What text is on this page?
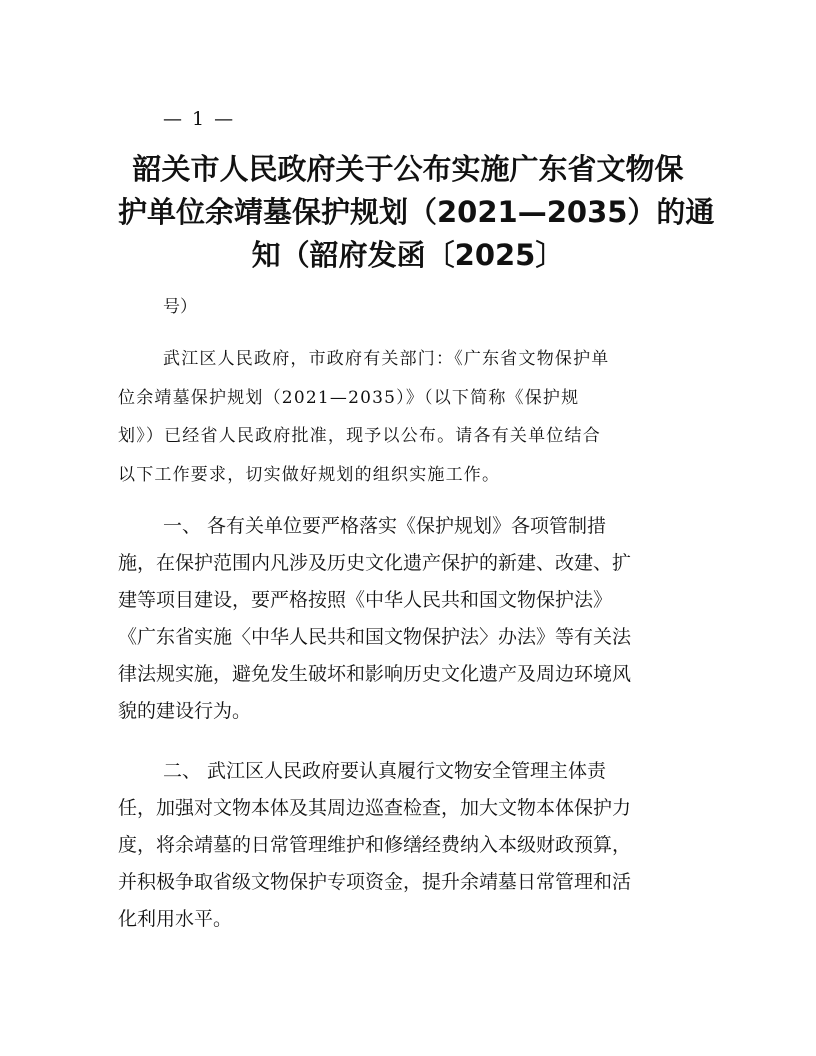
— 1 —
韶关市人民政府关于公布实施广东省文物保
护单位余靖墓保护规划（2021—2035）的通
知（韶府发函〔2025〕
号）
武江区人民政府，市政府有关部门：《广东省文物保护单
位余靖墓保护规划（2021—2035）》（以下简称《保护规
划》）已经省人民政府批准，现予以公布。请各有关单位结合
以下工作要求，切实做好规划的组织实施工作。
一、 各有关单位要严格落实《保护规划》各项管制措
施，在保护范围内凡涉及历史文化遗产保护的新建、改建、扩
建等项目建设，要严格按照《中华人民共和国文物保护法》
《广东省实施〈中华人民共和国文物保护法〉办法》等有关法
律法规实施，避免发生破坏和影响历史文化遗产及周边环境风
貌的建设行为。
二、 武江区人民政府要认真履行文物安全管理主体责
任，加强对文物本体及其周边巡查检查，加大文物本体保护力
度，将余靖墓的日常管理维护和修缮经费纳入本级财政预算，
并积极争取省级文物保护专项资金，提升余靖墓日常管理和活
化利用水平。
